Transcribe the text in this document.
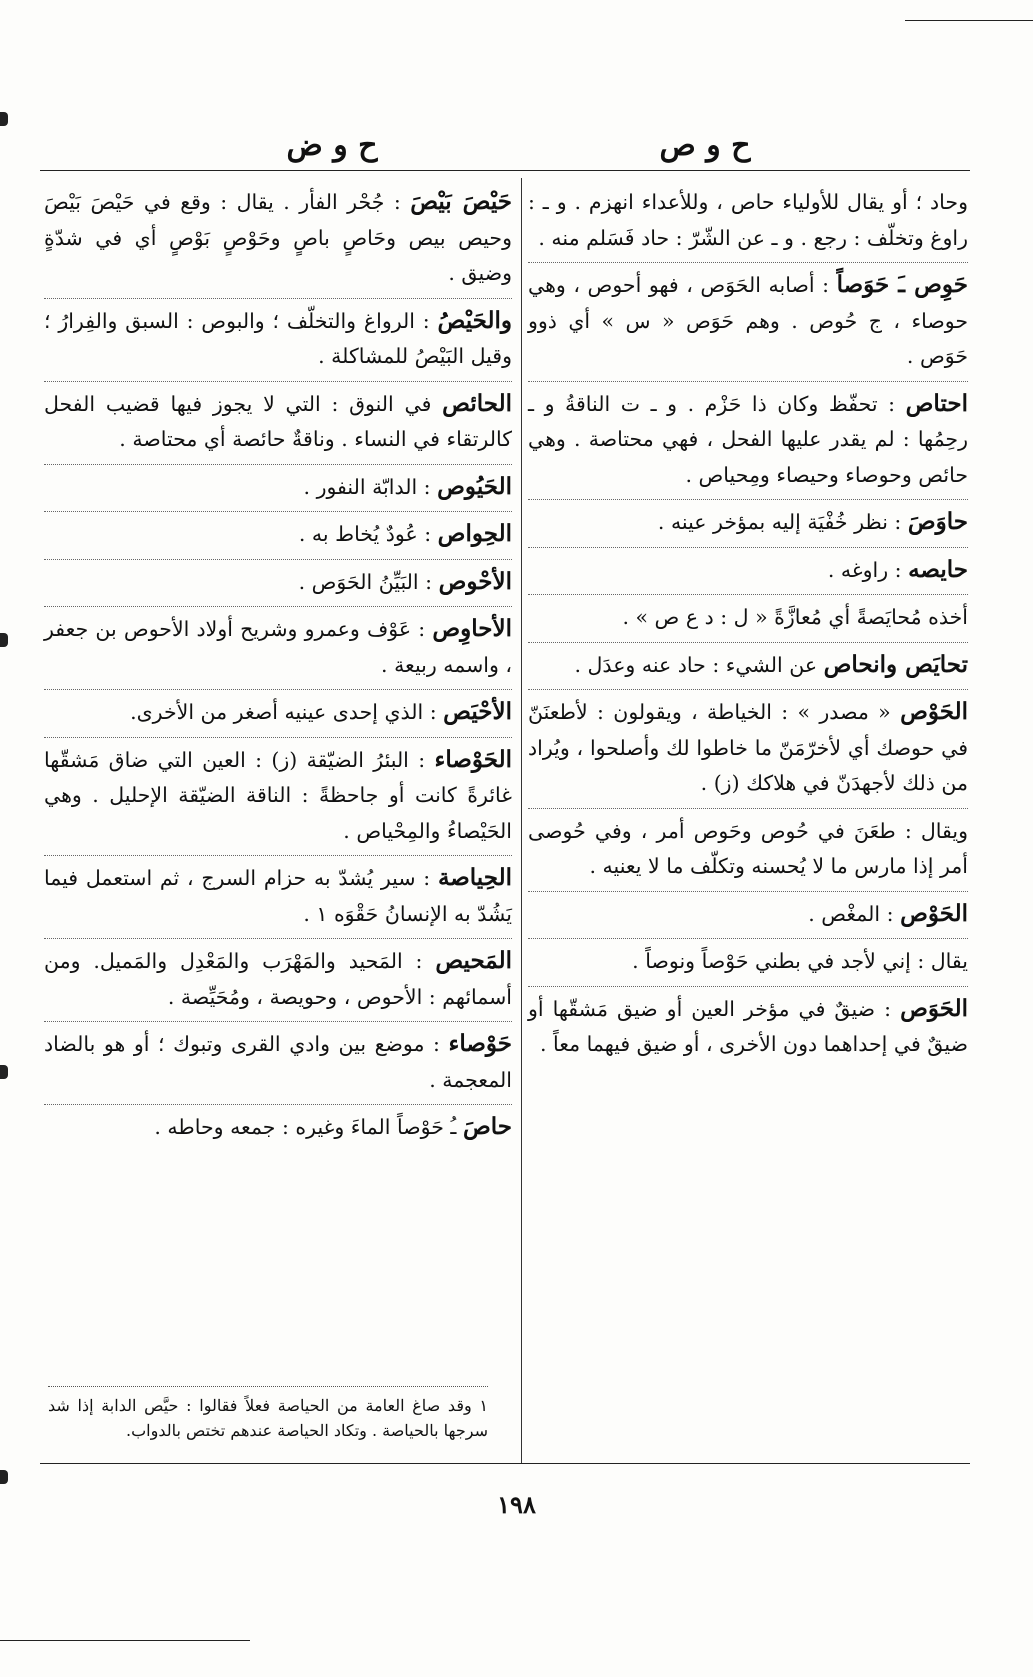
ح و ص
ح و ض
وحاد ؛ أو يقال للأولياء حاص ، وللأعداء انهزم . و ـ : راوغ وتخلّف : رجع . و ـ عن الشّرّ : حاد فَسَلم منه .
حَوِص ـَ حَوَصاً : أصابه الحَوَص ، فهو أحوص ، وهي حوصاء ، ج حُوص . وهم حَوَص « س » أي ذوو حَوَص .
احتاص : تحفّظ وكان ذا حَزْم . و ـ ت الناقةُ و ـ رحِمُها : لم يقدر عليها الفحل ، فهي محتاصة . وهي حائص وحوصاء وحيصاء ومِحياص .
حاوَصَ : نظر خُفْيَة إليه بمؤخر عينه .
حايصه : راوغه .
أخذه مُحايَصةً أي مُعازَّةً « ل : د ع ص » .
تحايَص وانحاص عن الشيء : حاد عنه وعدَل .
الحَوْص « مصدر » : الخياطة ، ويقولون : لأطعنَنّ في حوصك أي لأخرّمَنّ ما خاطوا لك وأصلحوا ، ويُراد من ذلك لأجهدَنّ في هلاكك (ز) .
ويقال : طعَنَ في حُوص وحَوص أمر ، وفي حُوصى أمر إذا مارس ما لا يُحسنه وتكلّف ما لا يعنيه .
الحَوْص : المغْص .
يقال : إني لأجد في بطني حَوْصاً ونوصاً .
الحَوَص : ضيقٌ في مؤخر العين أو ضيق مَشقّها أو ضيقٌ في إحداهما دون الأخرى ، أو ضيق فيهما معاً .
حَيْصَ بَيْصَ : جُحْر الفأر . يقال : وقع في حَيْصَ بَيْصَ وحيص بيص وحَاصٍ باصٍ وحَوْصٍ بَوْصٍ أي في شدّةٍ وضيق .
والحَيْصُ : الرواغ والتخلّف ؛ والبوص : السبق والفِرارُ ؛ وقيل البَيْصُ للمشاكلة .
الحائص في النوق : التي لا يجوز فيها قضيب الفحل كالرتقاء في النساء . وناقةٌ حائصة أي محتاصة .
الحَيُوص : الدابّة النفور .
الحِواص : عُودٌ يُخاط به .
الأحْوص : البَيِّنُ الحَوَص .
الأحاوِص : عَوْف وعمرو وشريح أولاد الأحوص بن جعفر ، واسمه ربيعة .
الأحْيَص : الذي إحدى عينيه أصغر من الأخرى.
الحَوْصاء : البئرُ الضيّقة (ز) : العين التي ضاق مَشقّها غائرةً كانت أو جاحظةً : الناقة الضيّقة الإحليل . وهي الحَيْصاءُ والمِحْياص .
الحِياصة : سير يُشدّ به حزام السرج ، ثم استعمل فيما يَشُدّ به الإنسانُ حَقْوَه ١ .
المَحيص : المَحيد والمَهْرَب والمَعْدِل والمَميل. ومن أسمائهم : الأحوص ، وحويصة ، ومُحَيِّصة .
حَوْصاء : موضع بين وادي القرى وتبوك ؛ أو هو بالضاد المعجمة .
حاصَ ـُ حَوْصاً الماءَ وغيره : جمعه وحاطه .
١ وقد صاغ العامة من الحياصة فعلاً فقالوا : حيَّص الدابة إذا شد سرجها بالحياصة . وتكاد الحياصة عندهم تختص بالدواب.
١٩٨
